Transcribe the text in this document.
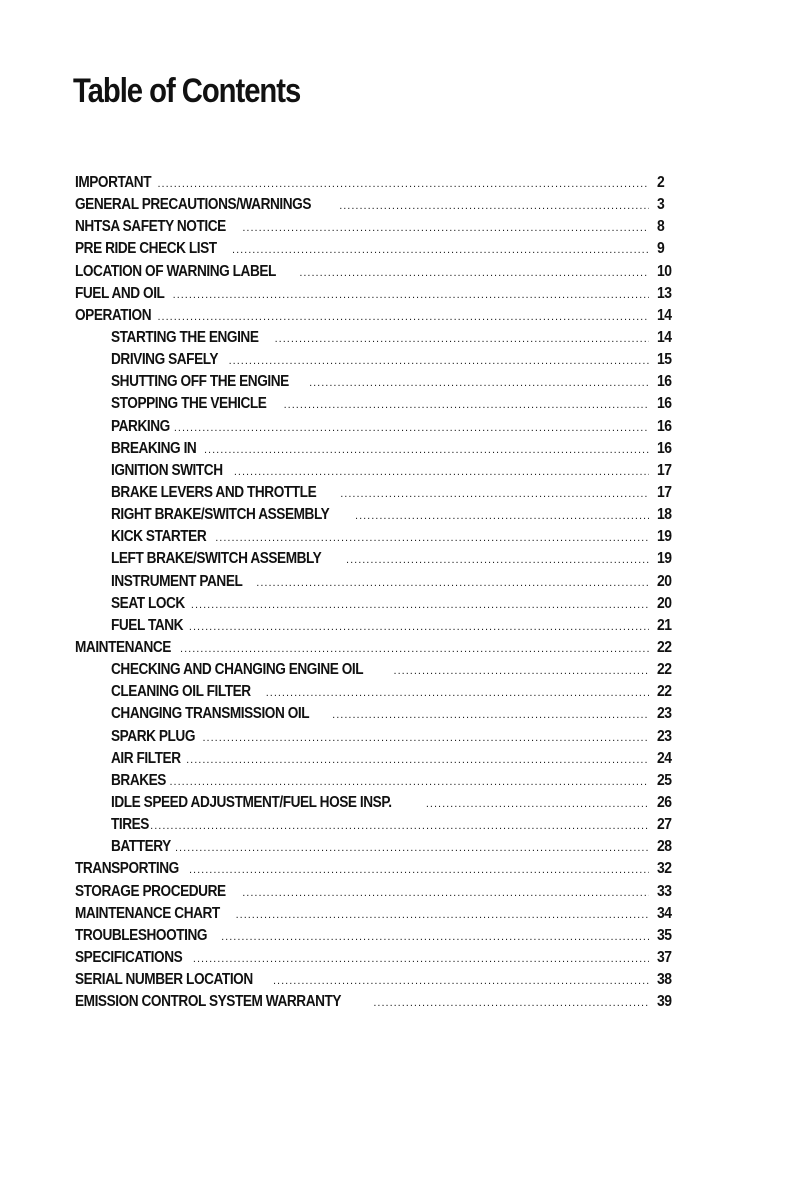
Table of Contents
IMPORTANT .....	2
GENERAL PRECAUTIONS/WARNINGS .....	3
NHTSA SAFETY NOTICE .....	8
PRE RIDE CHECK LIST .....	9
LOCATION OF WARNING LABEL .....	10
FUEL AND OIL .....	13
OPERATION .....	14
STARTING THE ENGINE .....	14
DRIVING SAFELY .....	15
SHUTTING OFF THE ENGINE .....	16
STOPPING THE VEHICLE .....	16
PARKING .....	16
BREAKING IN .....	16
IGNITION SWITCH .....	17
BRAKE LEVERS AND THROTTLE .....	17
RIGHT BRAKE/SWITCH ASSEMBLY .....	18
KICK STARTER .....	19
LEFT BRAKE/SWITCH ASSEMBLY .....	19
INSTRUMENT PANEL .....	20
SEAT LOCK .....	20
FUEL TANK .....	21
MAINTENANCE .....	22
CHECKING AND CHANGING ENGINE OIL .....	22
CLEANING OIL FILTER .....	22
CHANGING TRANSMISSION OIL .....	23
SPARK PLUG .....	23
AIR FILTER .....	24
BRAKES .....	25
IDLE SPEED ADJUSTMENT/FUEL HOSE INSP. .....	26
TIRES .....	27
BATTERY .....	28
TRANSPORTING .....	32
STORAGE PROCEDURE .....	33
MAINTENANCE CHART .....	34
TROUBLESHOOTING .....	35
SPECIFICATIONS .....	37
SERIAL NUMBER LOCATION .....	38
EMISSION CONTROL SYSTEM WARRANTY .....	39
